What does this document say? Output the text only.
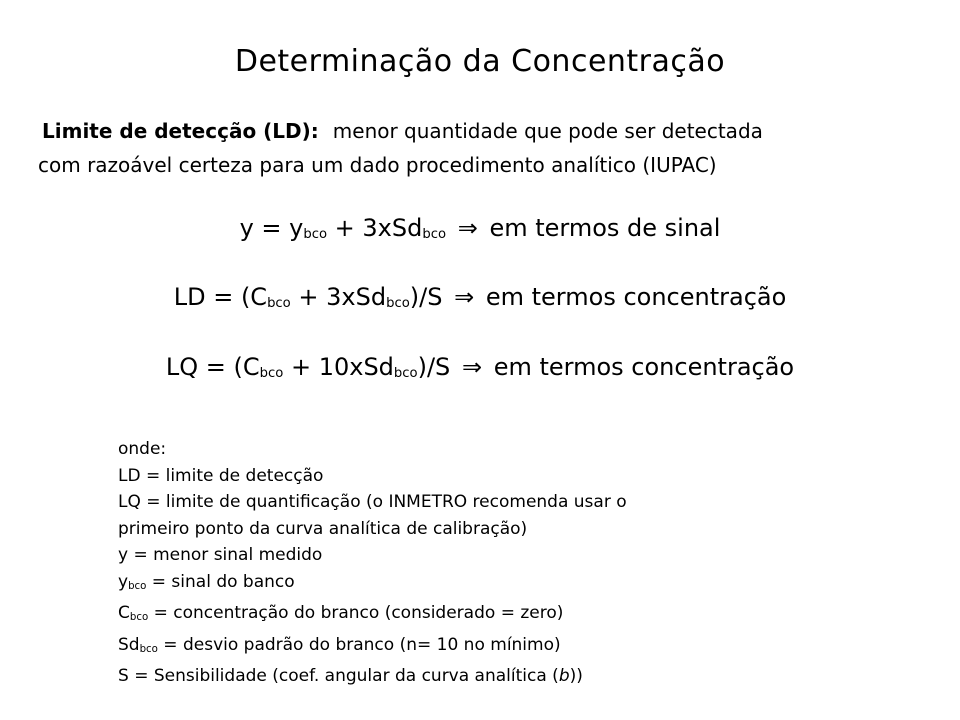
Determinação da Concentração
Limite de detecção (LD): menor quantidade que pode ser detectada
com razoável certeza para um dado procedimento analítico (IUPAC)
y = ybco + 3xSdbco ⇒ em termos de sinal
LD = (Cbco + 3xSdbco)/S ⇒ em termos concentração
LQ = (Cbco + 10xSdbco)/S ⇒ em termos concentração
onde:
LD = limite de detecção
LQ = limite de quantificação (o INMETRO recomenda usar o
primeiro ponto da curva analítica de calibração)
y = menor sinal medido
ybco = sinal do banco
Cbco = concentração do branco (considerado = zero)
Sdbco = desvio padrão do branco (n= 10 no mínimo)
S = Sensibilidade (coef. angular da curva analítica (b))
